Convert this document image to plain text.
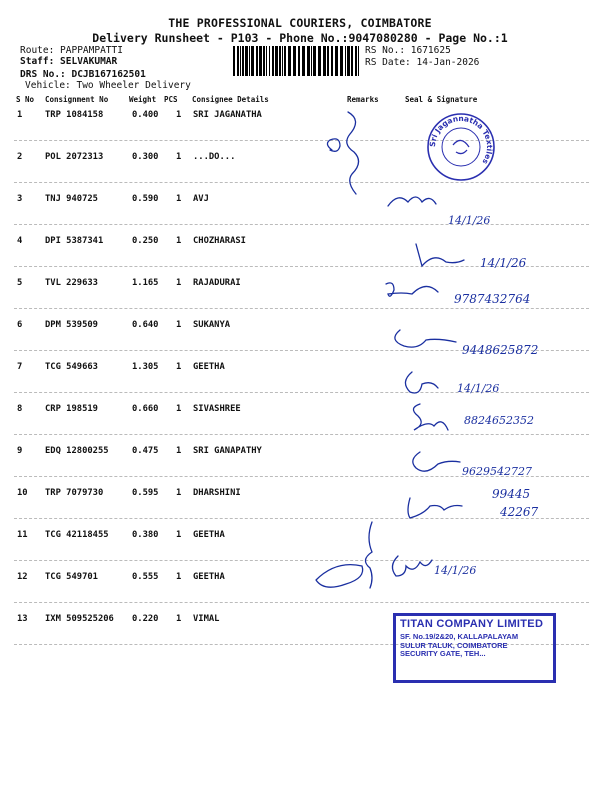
THE PROFESSIONAL COURIERS, COIMBATORE
Delivery Runsheet - P103 - Phone No.:9047080280 - Page No.:1
Route: PAPPAMPATTI
Staff: SELVAKUMAR
DRS No.: DCJB167162501
Vehicle: Two Wheeler Delivery
RS No.: 1671625
RS Date: 14-Jan-2026
S No Consignment No	Weight PCS Consignee Details	Remarks	Seal & Signature
1	TRP 1084158	0.400 1 SRI JAGANATHA
2	POL 2072313	0.300 1 ...DO...
3	TNJ 940725	0.590 1 AVJ
4	DPI 5387341	0.250 1 CHOZHARASI
5	TVL 229633	1.165 1 RAJADURAI
6	DPM 539509	0.640 1 SUKANYA
7	TCG 549663	1.305 1 GEETHA
8	CRP 198519	0.660 1 SIVASHREE
9	EDQ 12800255	0.475 1 SRI GANAPATHY
10 TRP 7079730	0.595 1 DHARSHINI
11 TCG 42118455	0.380 1 GEETHA
12 TCG 549701	0.555 1 GEETHA
13 IXM 509525206 0.220 1 VIMAL
Sri Jagannatha Textiles
TITAN COMPANY LIMITED
SF. No.19/2&20, KALLAPALAYAM
SULUR TALUK, COIMBATORE
SECURITY GATE, TEH...
14/1/26
14/1/26
9787432764
9448625872
14/1/26
8824652352
9629542727
99445
42267
14/1/26
